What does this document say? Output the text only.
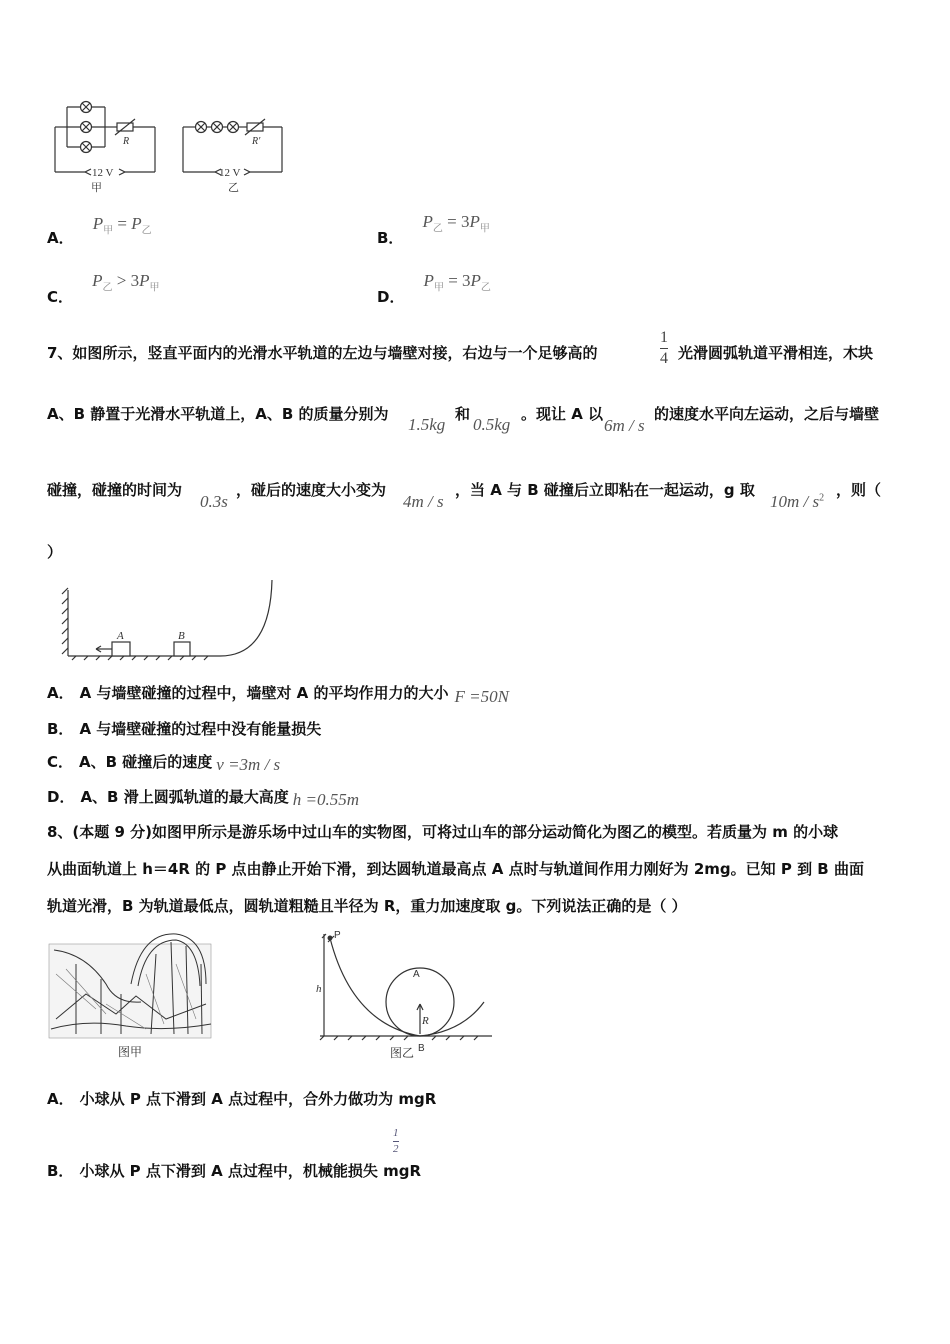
R
12 V
甲
R′
12 V
乙
A． $P_甲 = P_乙$	B． $P_乙 = 3P_甲$
C． $P_乙 > 3P_甲$
D． $P_甲 = 3P_乙$
7、如图所示，竖直平面内的光滑水平轨道的左边与墙壁对接，右边与一个足够高的
1
4 光滑圆弧轨道平滑相连，木块
A、B 静置于光滑水平轨道上，A、B 的质量分别为
1.5kg
和
0.5kg
。现让 A 以
6m / s
的速度水平向左运动，之后与墙壁
碰撞，碰撞的时间为
0.3s
，碰后的速度大小变为
4m / s
，当 A 与 B 碰撞后立即粘在一起运动，g 取
$10m / s^2$ ，则（
）
A	B
A． A 与墙壁碰撞的过程中，墙壁对 A 的平均作用力的大小 F =50N
B． A 与墙壁碰撞的过程中没有能量损失
C． A、B 碰撞后的速度 v =3m / s
D． A、B 滑上圆弧轨道的最大高度 h =0.55m
8、(本题 9 分)如图甲所示是游乐场中过山车的实物图，可将过山车的部分运动简化为图乙的模型。若质量为 m 的小球
从曲面轨道上 h＝4R 的 P 点由静止开始下滑，到达圆轨道最高点 A 点时与轨道间作用力刚好为 2mg。已知 P 到 B 曲面
轨道光滑，B 为轨道最低点，圆轨道粗糙且半径为 R，重力加速度取 g。下列说法正确的是（ ）
图甲
P
h
A
R
图乙 B
A． 小球从 P 点下滑到 A 点过程中，合外力做功为 mgR
1
2
B． 小球从 P 点下滑到 A 点过程中，机械能损失 mgR
